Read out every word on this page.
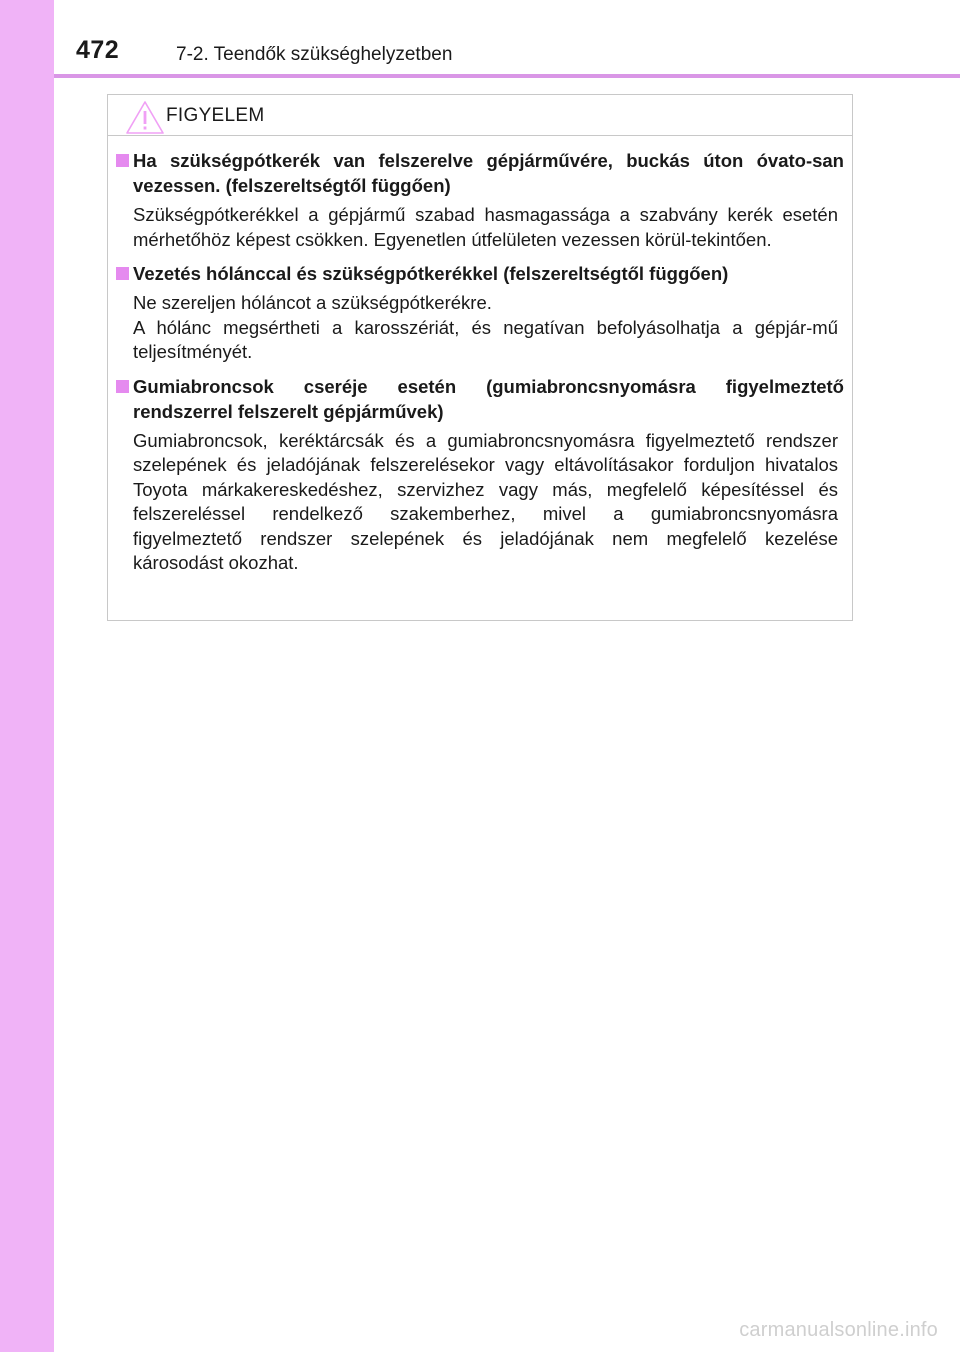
472	7-2. Teendők szükséghelyzetben
FIGYELEM
Ha szükségpótkerék van felszerelve gépjárművére, buckás úton óvato-san vezessen. (felszereltségtől függően)

Szükségpótkerékkel a gépjármű szabad hasmagassága a szabvány kerék esetén mérhetőhöz képest csökken. Egyenetlen útfelületen vezessen körül-tekintően.

Vezetés hólánccal és szükségpótkerékkel (felszereltségtől függően)

Ne szereljen hóláncot a szükségpótkerékre.

A hólánc megsértheti a karosszériát, és negatívan befolyásolhatja a gépjár-mű teljesítményét.

Gumiabroncsok cseréje esetén (gumiabroncsnyomásra figyelmeztető rendszerrel felszerelt gépjárművek)

Gumiabroncsok, keréktárcsák és a gumiabroncsnyomásra figyelmeztető rendszer szelepének és jeladójának felszerelésekor vagy eltávolításakor forduljon hivatalos Toyota márkakereskedéshez, szervizhez vagy más, megfelelő képesítéssel és felszereléssel rendelkező szakemberhez, mivel a gumiabroncsnyomásra figyelmeztető rendszer szelepének és jeladójának nem megfelelő kezelése károsodást okozhat.

carmanualsonline.info
